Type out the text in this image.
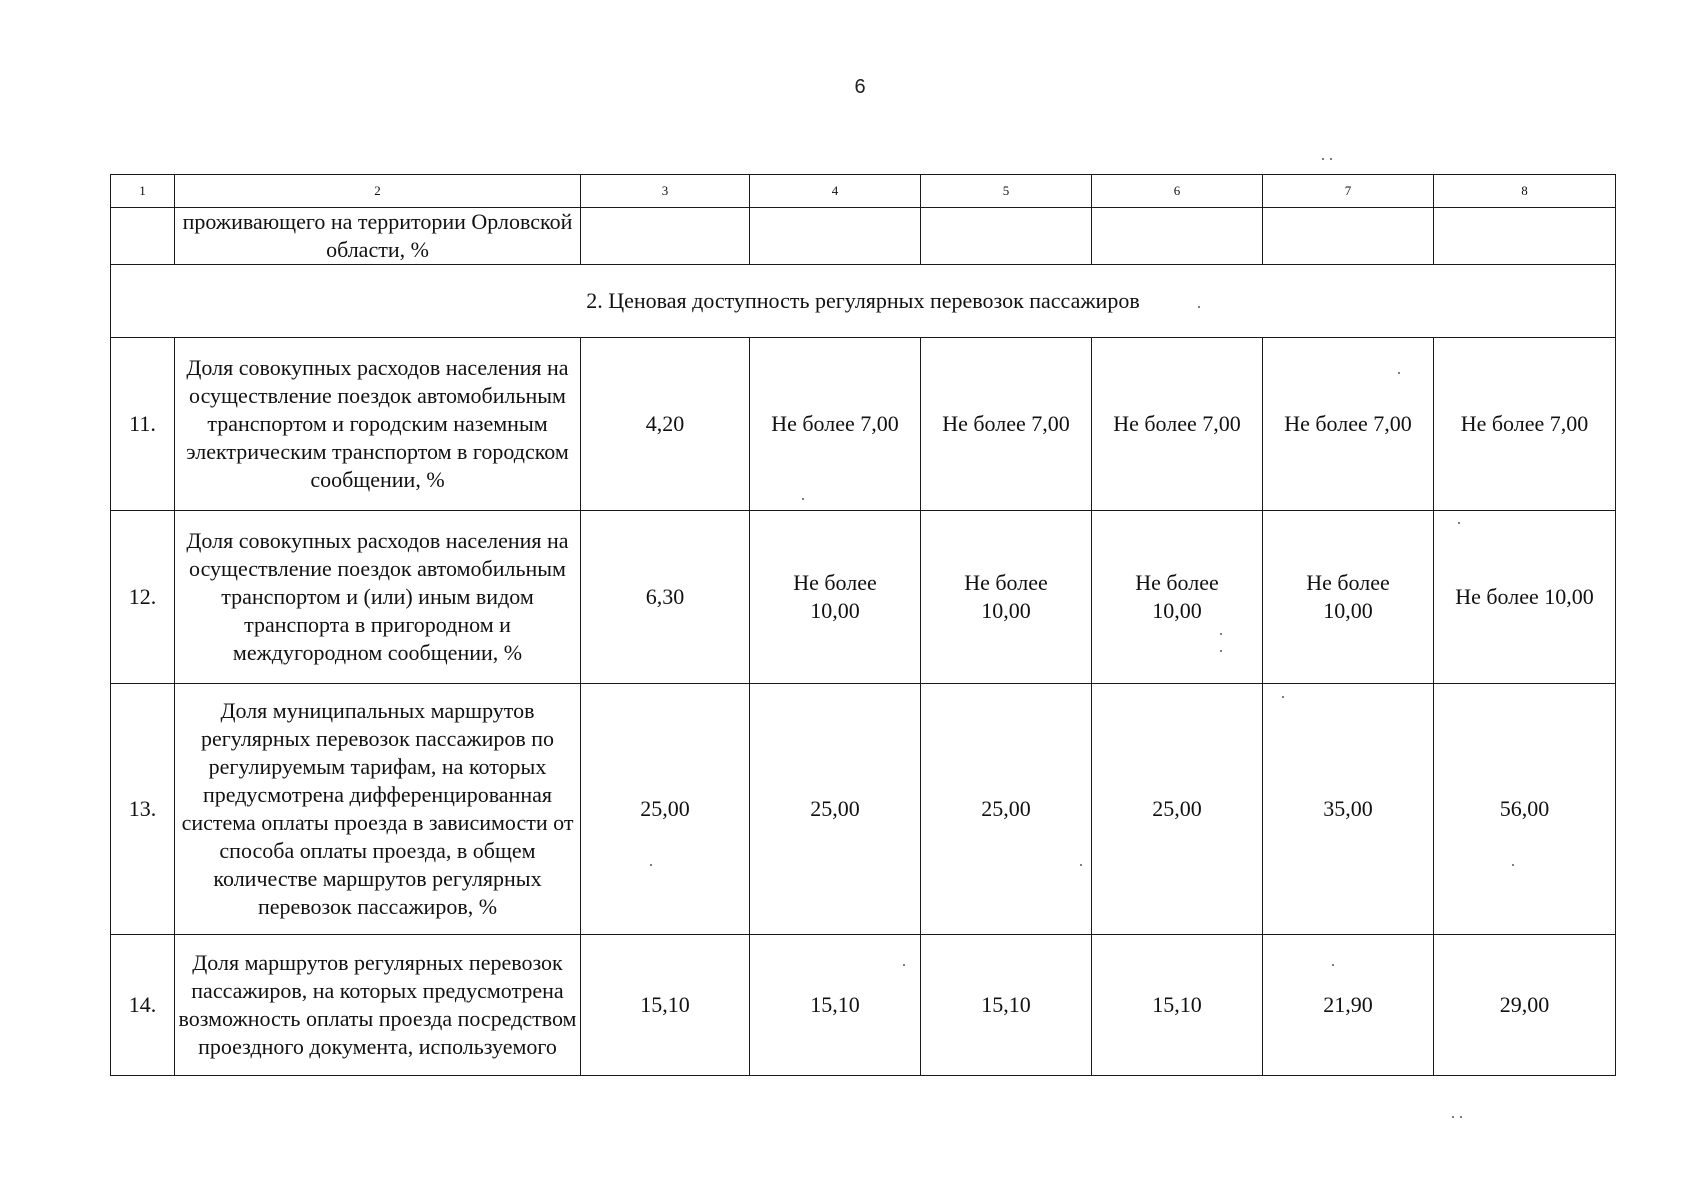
6
1	2	3	4	5	6	7	8
	проживающего на территории Орловской области, %						
2. Ценовая доступность регулярных перевозок пассажиров							
11.	Доля совокупных расходов населения на осуществление поездок автомобильным транспортом и городским наземным электрическим транспортом в городском сообщении, %	4,20	Не более 7,00	Не более 7,00	Не более 7,00	Не более 7,00	Не более 7,00
12.	Доля совокупных расходов населения на осуществление поездок автомобильным транспортом и (или) иным видом транспорта в пригородном и междугородном сообщении, %	6,30	Не более 10,00	Не более 10,00	Не более 10,00	Не более 10,00	Не более 10,00
13.	Доля муниципальных маршрутов регулярных перевозок пассажиров по регулируемым тарифам, на которых предусмотрена дифференцированная система оплаты проезда в зависимости от способа оплаты проезда, в общем количестве маршрутов регулярных перевозок пассажиров, %	25,00	25,00	25,00	25,00	35,00	56,00
14.	Доля маршрутов регулярных перевозок пассажиров, на которых предусмотрена возможность оплаты проезда посредством проездного документа, используемого	15,10	15,10	15,10	15,10	21,90	29,00
